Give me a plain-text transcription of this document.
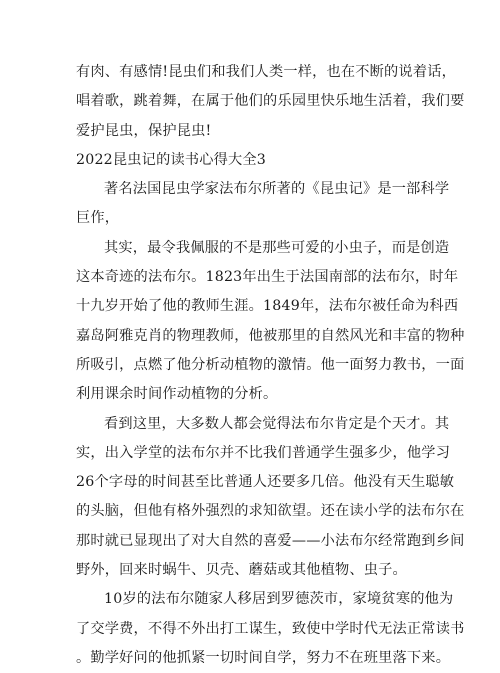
有肉、有感情!昆虫们和我们人类一样，也在不断的说着话，
唱着歌，跳着舞，在属于他们的乐园里快乐地生活着，我们要
爱护昆虫，保护昆虫!
2022昆虫记的读书心得大全3
著名法国昆虫学家法布尔所著的《昆虫记》是一部科学
巨作，
其实，最令我佩服的不是那些可爱的小虫子，而是创造
这本奇迹的法布尔。1823年出生于法国南部的法布尔，时年
十九岁开始了他的教师生涯。1849年，法布尔被任命为科西
嘉岛阿雅克肖的物理教师，他被那里的自然风光和丰富的物种
所吸引，点燃了他分析动植物的激情。他一面努力教书，一面
利用课余时间作动植物的分析。
看到这里，大多数人都会觉得法布尔肯定是个天才。其
实，出入学堂的法布尔并不比我们普通学生强多少，他学习
26个字母的时间甚至比普通人还要多几倍。他没有天生聪敏
的头脑，但他有格外强烈的求知欲望。还在读小学的法布尔在
那时就已显现出了对大自然的喜爱——小法布尔经常跑到乡间
野外，回来时蜗牛、贝壳、蘑菇或其他植物、虫子。
10岁的法布尔随家人移居到罗德茨市，家境贫寒的他为
了交学费，不得不外出打工谋生，致使中学时代无法正常读书
。勤学好问的他抓紧一切时间自学，努力不在班里落下来。
